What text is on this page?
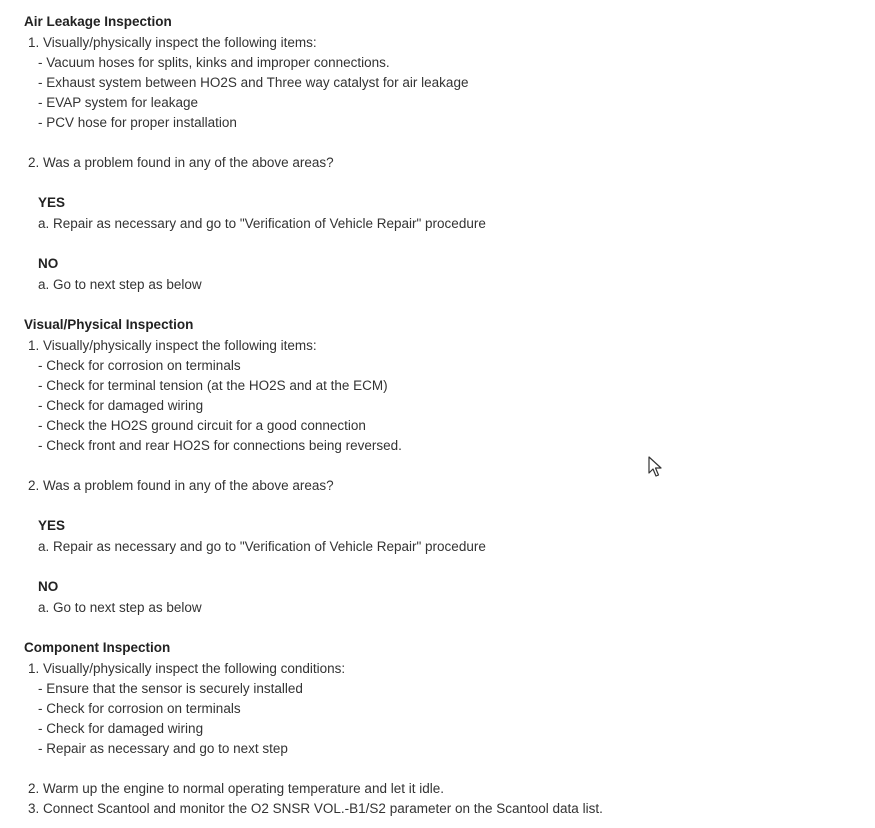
Air Leakage Inspection
1. Visually/physically inspect the following items:
- Vacuum hoses for splits, kinks and improper connections.
- Exhaust system between HO2S and Three way catalyst for air leakage
- EVAP system for leakage
- PCV hose for proper installation
2. Was a problem found in any of the above areas?
YES
a. Repair as necessary and go to "Verification of Vehicle Repair" procedure
NO
a. Go to next step as below
Visual/Physical Inspection
1. Visually/physically inspect the following items:
- Check for corrosion on terminals
- Check for terminal tension (at the HO2S and at the ECM)
- Check for damaged wiring
- Check the HO2S ground circuit for a good connection
- Check front and rear HO2S for connections being reversed.
2. Was a problem found in any of the above areas?
YES
a. Repair as necessary and go to "Verification of Vehicle Repair" procedure
NO
a. Go to next step as below
Component Inspection
1. Visually/physically inspect the following conditions:
- Ensure that the sensor is securely installed
- Check for corrosion on terminals
- Check for damaged wiring
- Repair as necessary and go to next step
2. Warm up the engine to normal operating temperature and let it idle.
3. Connect Scantool and monitor the O2 SNSR VOL.-B1/S2 parameter on the Scantool data list.
